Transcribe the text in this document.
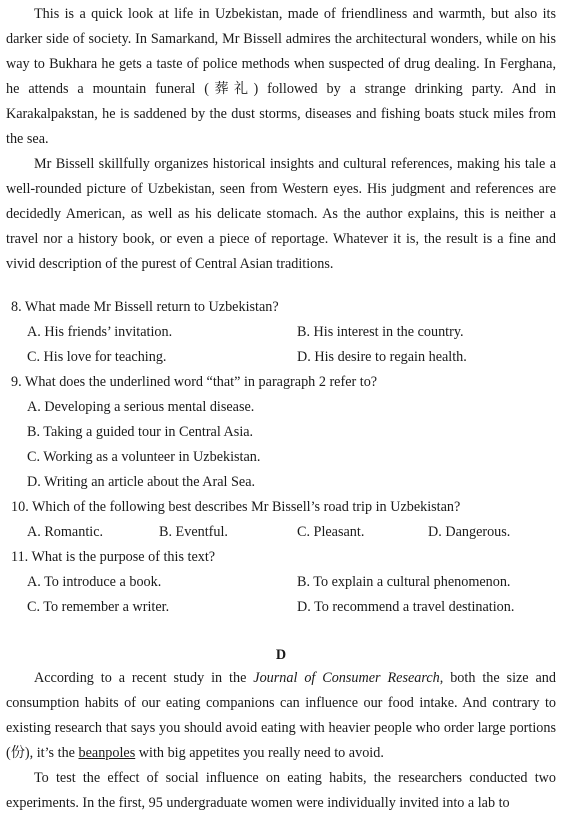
This is a quick look at life in Uzbekistan, made of friendliness and warmth, but also its darker side of society. In Samarkand, Mr Bissell admires the architectural wonders, while on his way to Bukhara he gets a taste of police methods when suspected of drug dealing. In Ferghana, he attends a mountain funeral (葬礼) followed by a strange drinking party. And in Karakalpakstan, he is saddened by the dust storms, diseases and fishing boats stuck miles from the sea.

Mr Bissell skillfully organizes historical insights and cultural references, making his tale a well-rounded picture of Uzbekistan, seen from Western eyes. His judgment and references are decidedly American, as well as his delicate stomach. As the author explains, this is neither a travel nor a history book, or even a piece of reportage. Whatever it is, the result is a fine and vivid description of the purest of Central Asian traditions.

8. What made Mr Bissell return to Uzbekistan?

A. His friends’ invitation.	B. His interest in the country.

C. His love for teaching.	D. His desire to regain health.

9. What does the underlined word “that” in paragraph 2 refer to?

A. Developing a serious mental disease.

B. Taking a guided tour in Central Asia.

C. Working as a volunteer in Uzbekistan.

D. Writing an article about the Aral Sea.

10. Which of the following best describes Mr Bissell’s road trip in Uzbekistan?

A. Romantic.	B. Eventful.	C. Pleasant.	D. Dangerous.

11. What is the purpose of this text?

A. To introduce a book.	B. To explain a cultural phenomenon.

C. To remember a writer.	D. To recommend a travel destination.

D

According to a recent study in the Journal of Consumer Research, both the size and consumption habits of our eating companions can influence our food intake. And contrary to existing research that says you should avoid eating with heavier people who order large portions (份), it’s the beanpoles with big appetites you really need to avoid.

To test the effect of social influence on eating habits, the researchers conducted two experiments. In the first, 95 undergraduate women were individually invited into a lab to
